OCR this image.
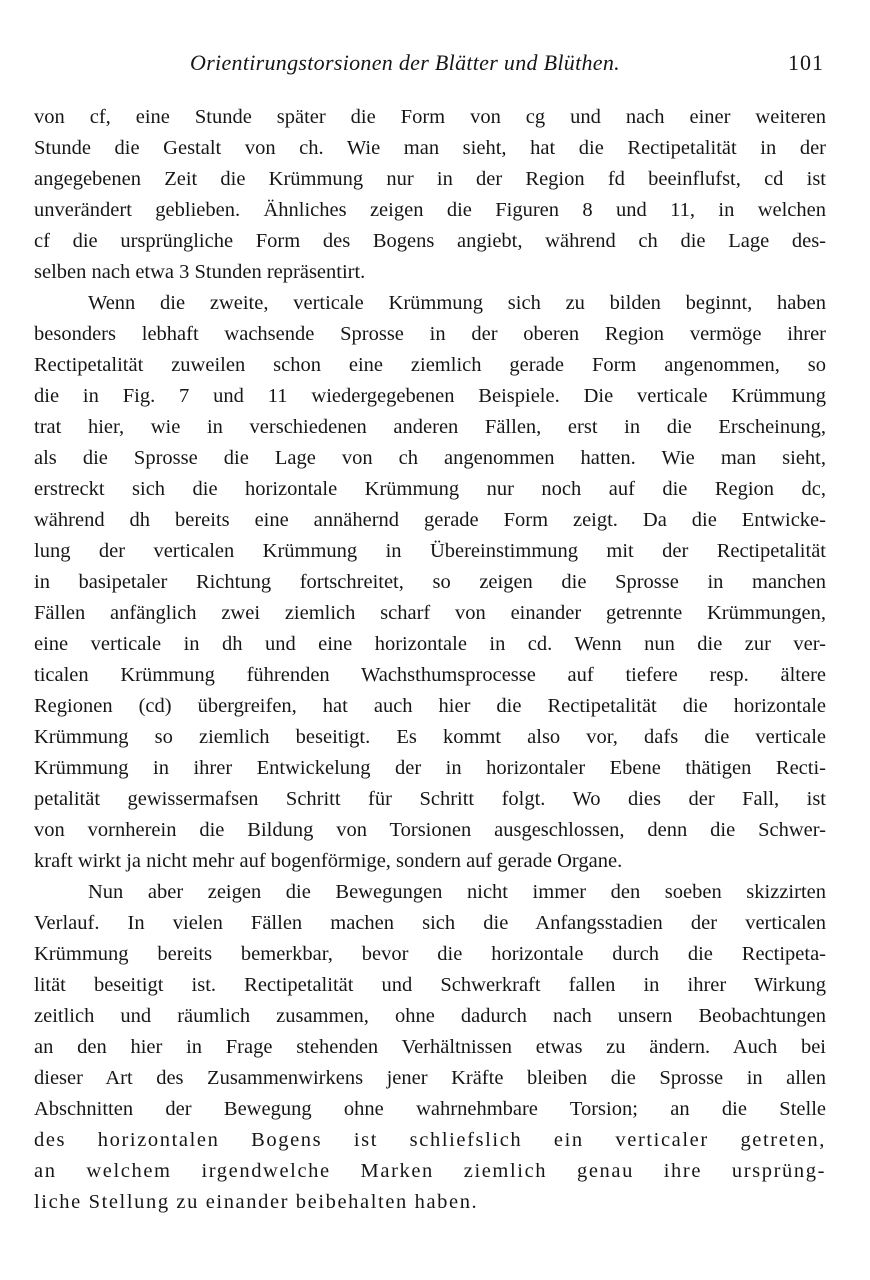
Orientirungstorsionen der Blätter und Blüthen.	101
von cf, eine Stunde später die Form von cg und nach einer weiteren
Stunde die Gestalt von ch. Wie man sieht, hat die Rectipetalität in der
angegebenen Zeit die Krümmung nur in der Region fd beeinflufst, cd ist
unverändert geblieben. Ähnliches zeigen die Figuren 8 und 11, in welchen
cf die ursprüngliche Form des Bogens angiebt, während ch die Lage des-
selben nach etwa 3 Stunden repräsentirt.
Wenn die zweite, verticale Krümmung sich zu bilden beginnt, haben
besonders lebhaft wachsende Sprosse in der oberen Region vermöge ihrer
Rectipetalität zuweilen schon eine ziemlich gerade Form angenommen, so
die in Fig. 7 und 11 wiedergegebenen Beispiele. Die verticale Krümmung
trat hier, wie in verschiedenen anderen Fällen, erst in die Erscheinung,
als die Sprosse die Lage von ch angenommen hatten. Wie man sieht,
erstreckt sich die horizontale Krümmung nur noch auf die Region dc,
während dh bereits eine annähernd gerade Form zeigt. Da die Entwicke-
lung der verticalen Krümmung in Übereinstimmung mit der Rectipetalität
in basipetaler Richtung fortschreitet, so zeigen die Sprosse in manchen
Fällen anfänglich zwei ziemlich scharf von einander getrennte Krümmungen,
eine verticale in dh und eine horizontale in cd. Wenn nun die zur ver-
ticalen Krümmung führenden Wachsthumsprocesse auf tiefere resp. ältere
Regionen (cd) übergreifen, hat auch hier die Rectipetalität die horizontale
Krümmung so ziemlich beseitigt. Es kommt also vor, dafs die verticale
Krümmung in ihrer Entwickelung der in horizontaler Ebene thätigen Recti-
petalität gewissermafsen Schritt für Schritt folgt. Wo dies der Fall, ist
von vornherein die Bildung von Torsionen ausgeschlossen, denn die Schwer-
kraft wirkt ja nicht mehr auf bogenförmige, sondern auf gerade Organe.
Nun aber zeigen die Bewegungen nicht immer den soeben skizzirten
Verlauf. In vielen Fällen machen sich die Anfangsstadien der verticalen
Krümmung bereits bemerkbar, bevor die horizontale durch die Rectipeta-
lität beseitigt ist. Rectipetalität und Schwerkraft fallen in ihrer Wirkung
zeitlich und räumlich zusammen, ohne dadurch nach unsern Beobachtungen
an den hier in Frage stehenden Verhältnissen etwas zu ändern. Auch bei
dieser Art des Zusammenwirkens jener Kräfte bleiben die Sprosse in allen
Abschnitten der Bewegung ohne wahrnehmbare Torsion; an die Stelle
des horizontalen Bogens ist schliefslich ein verticaler getreten,
an welchem irgendwelche Marken ziemlich genau ihre ursprüng-
liche Stellung zu einander beibehalten haben.
